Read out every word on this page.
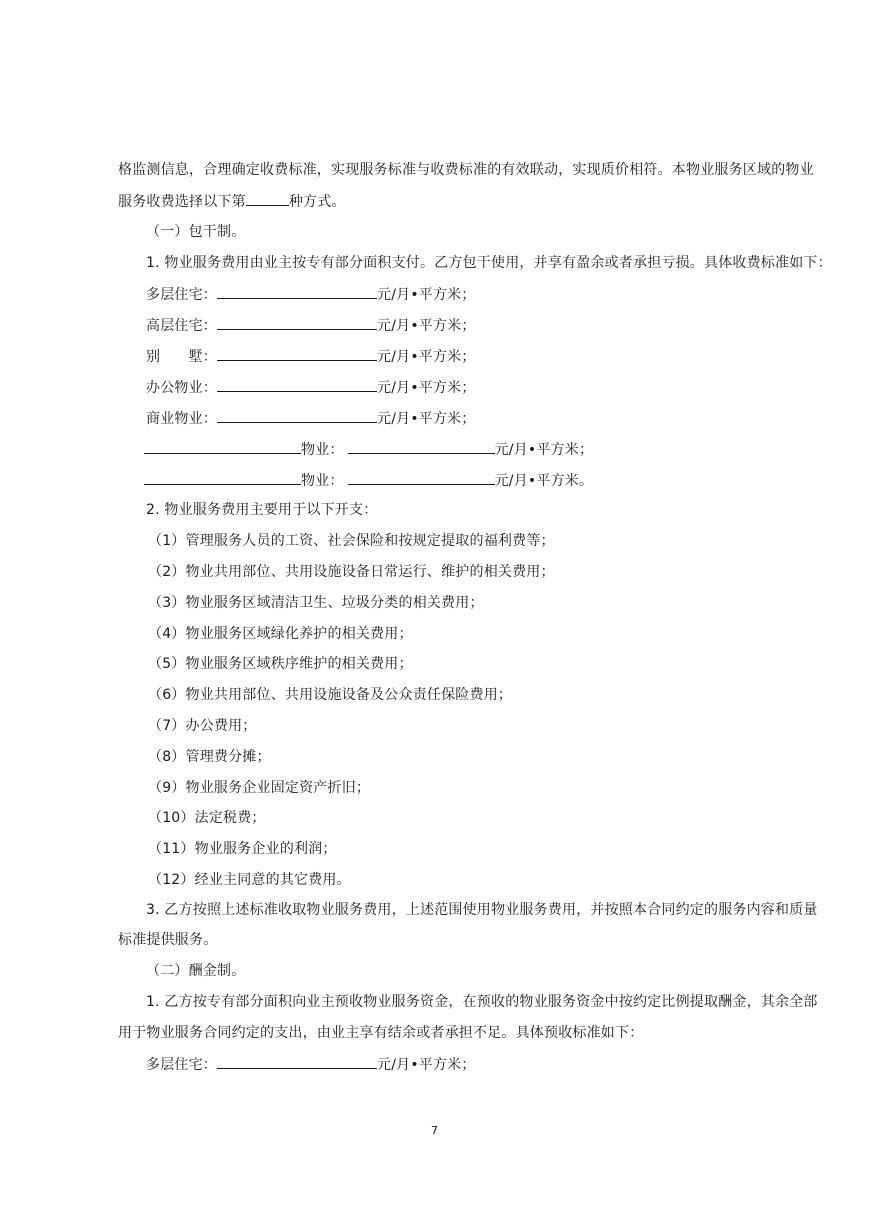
格监测信息，合理确定收费标准，实现服务标准与收费标准的有效联动，实现质价相符。本物业服务区域的物业
服务收费选择以下第	种方式。
（一）包干制。
1. 物业服务费用由业主按专有部分面积支付。乙方包干使用，并享有盈余或者承担亏损。具体收费标准如下：
多层住宅：	元/月•平方米；
高层住宅：	元/月•平方米；
别　　墅：	元/月•平方米；
办公物业：	元/月•平方米；
商业物业：	元/月•平方米；
物业：	元/月•平方米；
物业：	元/月•平方米。
2. 物业服务费用主要用于以下开支：
（1）管理服务人员的工资、社会保险和按规定提取的福利费等；
（2）物业共用部位、共用设施设备日常运行、维护的相关费用；
（3）物业服务区域清洁卫生、垃圾分类的相关费用；
（4）物业服务区域绿化养护的相关费用；
（5）物业服务区域秩序维护的相关费用；
（6）物业共用部位、共用设施设备及公众责任保险费用；
（7）办公费用；
（8）管理费分摊；
（9）物业服务企业固定资产折旧；
（10）法定税费；
（11）物业服务企业的利润；
（12）经业主同意的其它费用。
3. 乙方按照上述标准收取物业服务费用，上述范围使用物业服务费用，并按照本合同约定的服务内容和质量
标准提供服务。
（二）酬金制。
1. 乙方按专有部分面积向业主预收物业服务资金，在预收的物业服务资金中按约定比例提取酬金，其余全部
用于物业服务合同约定的支出，由业主享有结余或者承担不足。具体预收标准如下：
多层住宅：	元/月•平方米；
7
